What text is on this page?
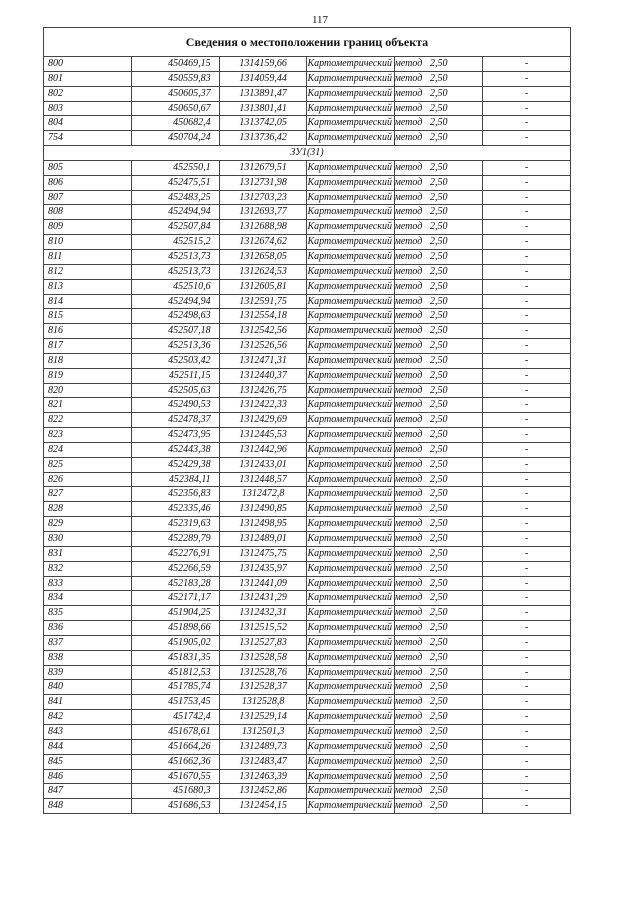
117
Сведения о местоположении границ объекта					
800	450469,15	1314159,66	Картометрический метод	2,50	-
801	450559,83	1314059,44	Картометрический метод	2,50	-
802	450605,37	1313891,47	Картометрический метод	2,50	-
803	450650,67	1313801,41	Картометрический метод	2,50	-
804	450682,4	1313742,05	Картометрический метод	2,50	-
754	450704,24	1313736,42	Картометрический метод	2,50	-
ЗУ1(31)					
805	452550,1	1312679,51	Картометрический метод	2,50	-
806	452475,51	1312731,98	Картометрический метод	2,50	-
807	452483,25	1312703,23	Картометрический метод	2,50	-
808	452494,94	1312693,77	Картометрический метод	2,50	-
809	452507,84	1312688,98	Картометрический метод	2,50	-
810	452515,2	1312674,62	Картометрический метод	2,50	-
811	452513,73	1312658,05	Картометрический метод	2,50	-
812	452513,73	1312624,53	Картометрический метод	2,50	-
813	452510,6	1312605,81	Картометрический метод	2,50	-
814	452494,94	1312591,75	Картометрический метод	2,50	-
815	452498,63	1312554,18	Картометрический метод	2,50	-
816	452507,18	1312542,56	Картометрический метод	2,50	-
817	452513,36	1312526,56	Картометрический метод	2,50	-
818	452503,42	1312471,31	Картометрический метод	2,50	-
819	452511,15	1312440,37	Картометрический метод	2,50	-
820	452505,63	1312426,75	Картометрический метод	2,50	-
821	452490,53	1312422,33	Картометрический метод	2,50	-
822	452478,37	1312429,69	Картометрический метод	2,50	-
823	452473,95	1312445,53	Картометрический метод	2,50	-
824	452443,38	1312442,96	Картометрический метод	2,50	-
825	452429,38	1312433,01	Картометрический метод	2,50	-
826	452384,11	1312448,57	Картометрический метод	2,50	-
827	452356,83	1312472,8	Картометрический метод	2,50	-
828	452335,46	1312490,85	Картометрический метод	2,50	-
829	452319,63	1312498,95	Картометрический метод	2,50	-
830	452289,79	1312489,01	Картометрический метод	2,50	-
831	452276,91	1312475,75	Картометрический метод	2,50	-
832	452266,59	1312435,97	Картометрический метод	2,50	-
833	452183,28	1312441,09	Картометрический метод	2,50	-
834	452171,17	1312431,29	Картометрический метод	2,50	-
835	451904,25	1312432,31	Картометрический метод	2,50	-
836	451898,66	1312515,52	Картометрический метод	2,50	-
837	451905,02	1312527,83	Картометрический метод	2,50	-
838	451831,35	1312528,58	Картометрический метод	2,50	-
839	451812,53	1312528,76	Картометрический метод	2,50	-
840	451785,74	1312528,37	Картометрический метод	2,50	-
841	451753,45	1312528,8	Картометрический метод	2,50	-
842	451742,4	1312529,14	Картометрический метод	2,50	-
843	451678,61	1312501,3	Картометрический метод	2,50	-
844	451664,26	1312489,73	Картометрический метод	2,50	-
845	451662,36	1312483,47	Картометрический метод	2,50	-
846	451670,55	1312463,39	Картометрический метод	2,50	-
847	451680,3	1312452,86	Картометрический метод	2,50	-
848	451686,53	1312454,15	Картометрический метод	2,50	-
